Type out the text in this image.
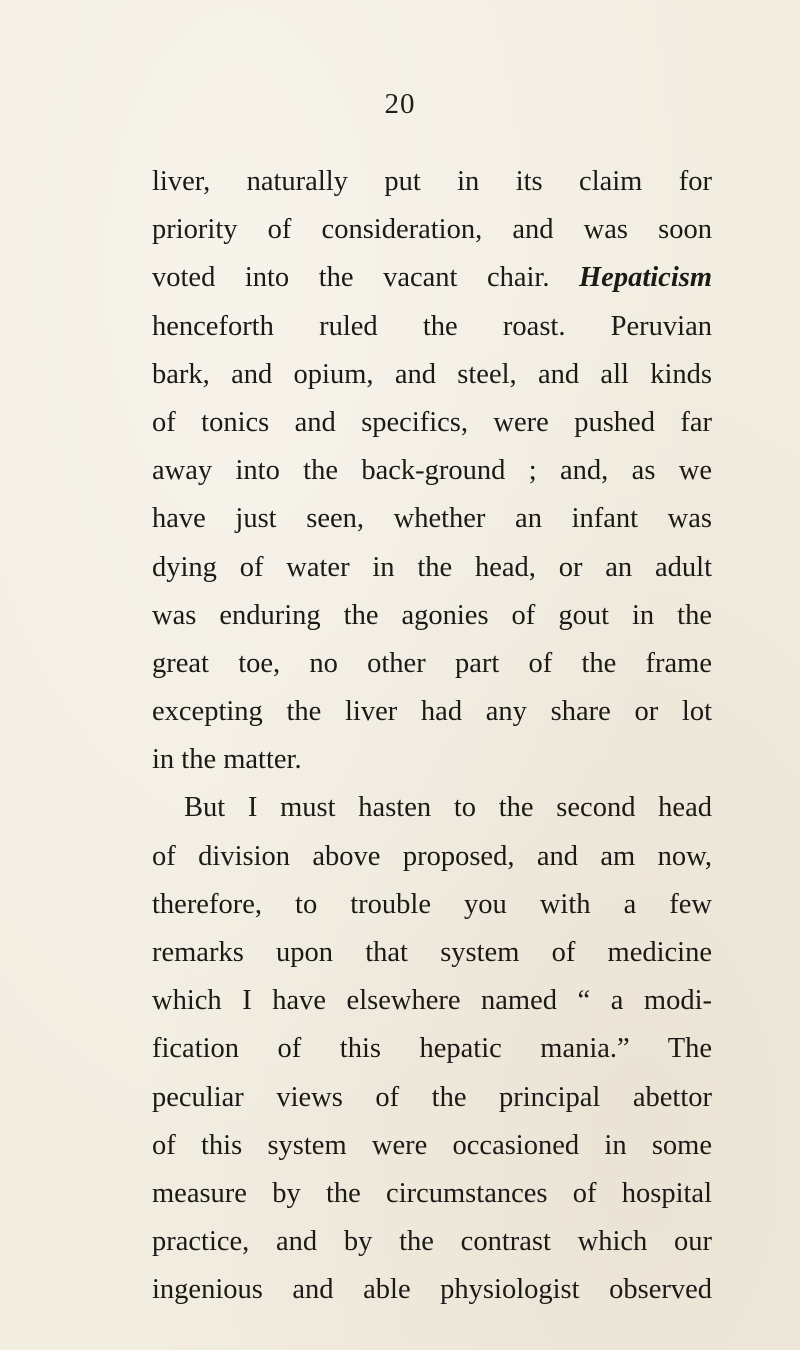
20
liver, naturally put in its claim for
priority of consideration, and was soon
voted into the vacant chair. Hepaticism
henceforth ruled the roast. Peruvian
bark, and opium, and steel, and all kinds
of tonics and specifics, were pushed far
away into the back-ground ; and, as we
have just seen, whether an infant was
dying of water in the head, or an adult
was enduring the agonies of gout in the
great toe, no other part of the frame
excepting the liver had any share or lot
in the matter.
But I must hasten to the second head
of division above proposed, and am now,
therefore, to trouble you with a few
remarks upon that system of medicine
which I have elsewhere named “ a modi-
fication of this hepatic mania.” The
peculiar views of the principal abettor
of this system were occasioned in some
measure by the circumstances of hospital
practice, and by the contrast which our
ingenious and able physiologist observed
